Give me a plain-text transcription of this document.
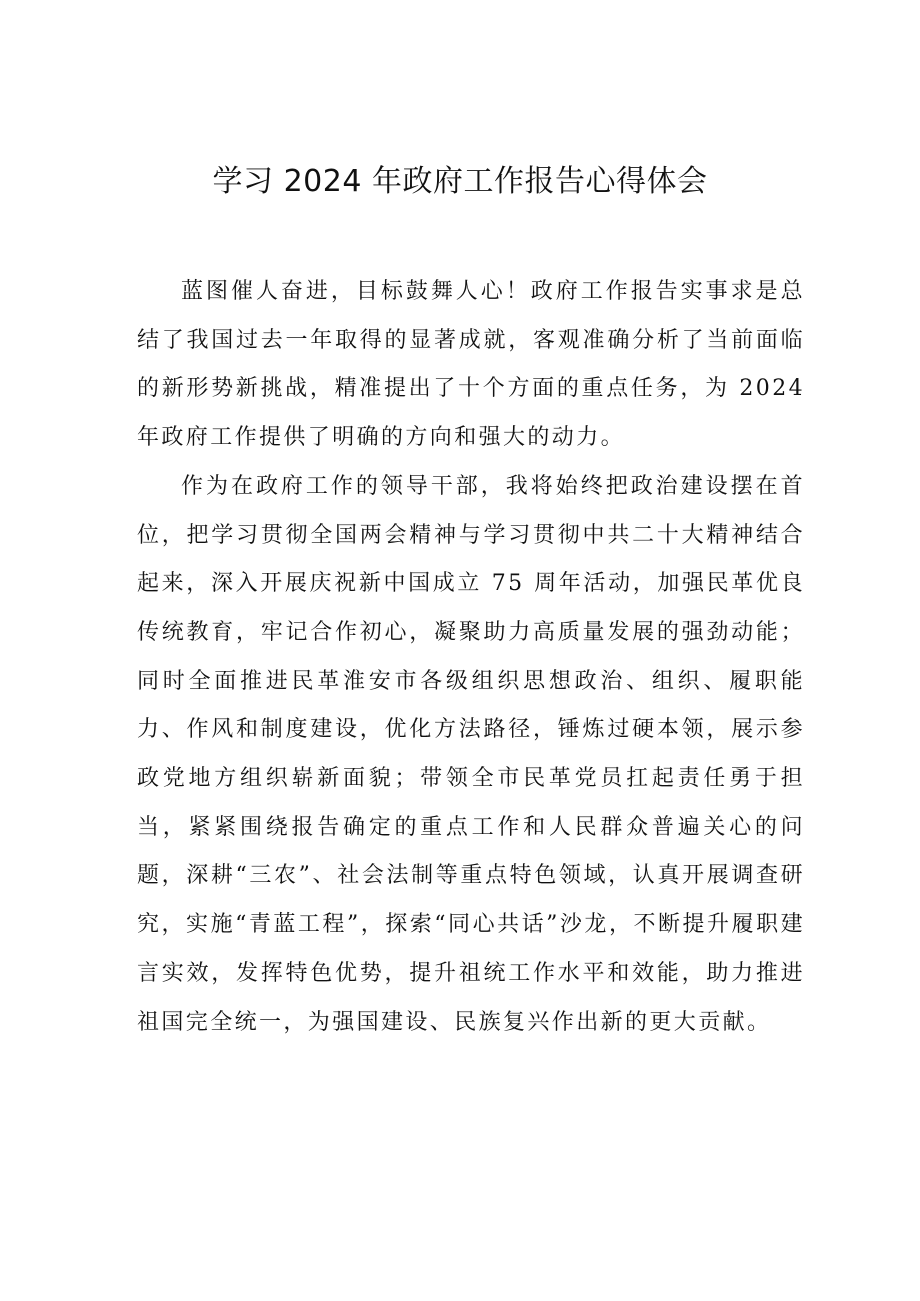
学习 2024 年政府工作报告心得体会

蓝图催人奋进，目标鼓舞人心！政府工作报告实事求是总结了我国过去一年取得的显著成就，客观准确分析了当前面临的新形势新挑战，精准提出了十个方面的重点任务，为 2024 年政府工作提供了明确的方向和强大的动力。

作为在政府工作的领导干部，我将始终把政治建设摆在首位，把学习贯彻全国两会精神与学习贯彻中共二十大精神结合起来，深入开展庆祝新中国成立 75 周年活动，加强民革优良传统教育，牢记合作初心，凝聚助力高质量发展的强劲动能；同时全面推进民革淮安市各级组织思想政治、组织、履职能力、作风和制度建设，优化方法路径，锤炼过硬本领，展示参政党地方组织崭新面貌；带领全市民革党员扛起责任勇于担当，紧紧围绕报告确定的重点工作和人民群众普遍关心的问题，深耕“三农”、社会法制等重点特色领域，认真开展调查研究，实施“青蓝工程”，探索“同心共话”沙龙，不断提升履职建言实效，发挥特色优势，提升祖统工作水平和效能，助力推进祖国完全统一，为强国建设、民族复兴作出新的更大贡献。
